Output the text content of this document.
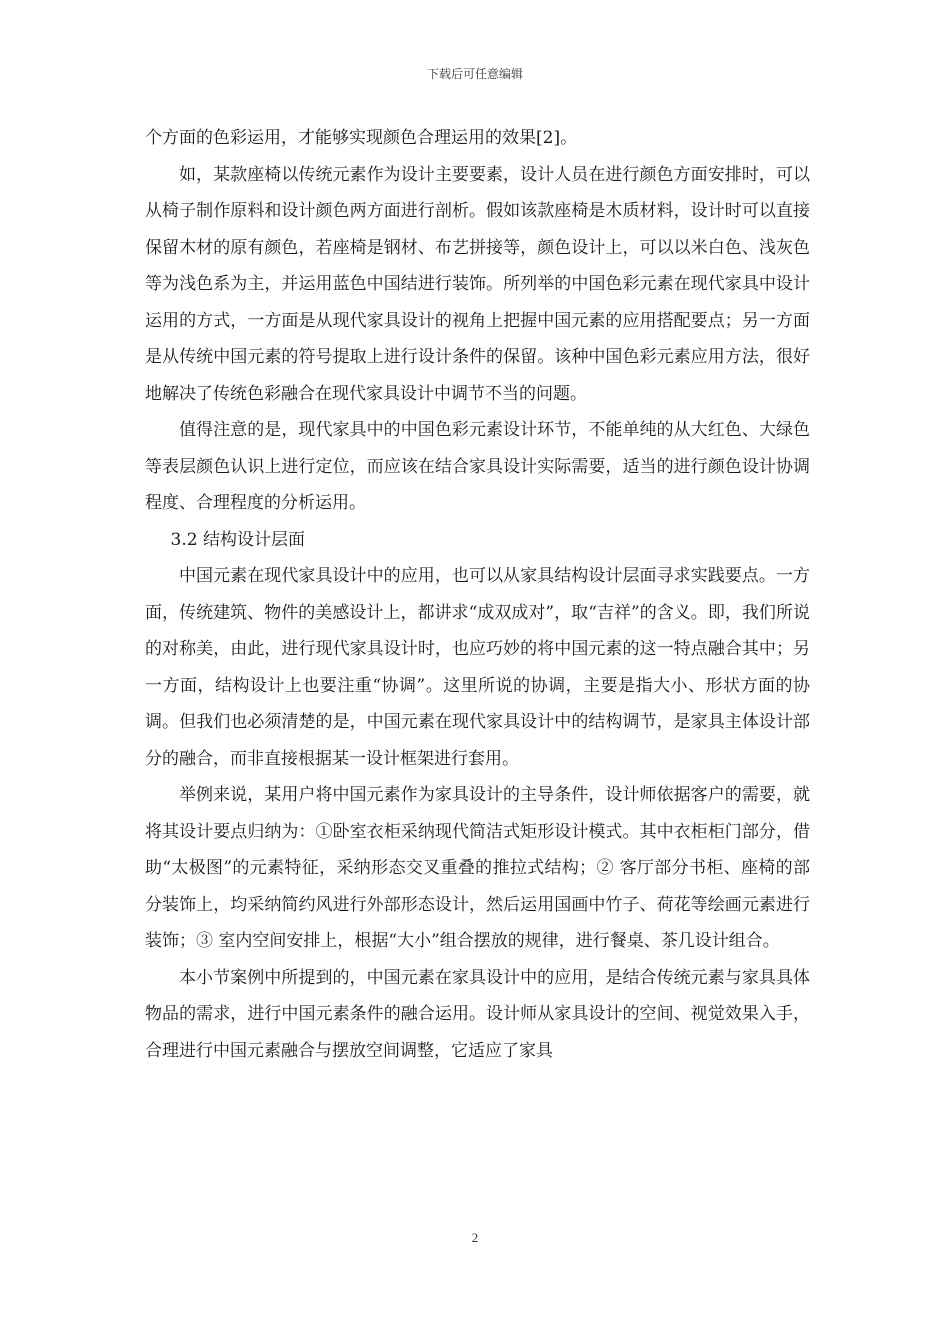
下载后可任意编辑

个方面的色彩运用，才能够实现颜色合理运用的效果[2]。

如，某款座椅以传统元素作为设计主要要素，设计人员在进行颜色方面安排时，可以从椅子制作原料和设计颜色两方面进行剖析。假如该款座椅是木质材料，设计时可以直接保留木材的原有颜色，若座椅是钢材、布艺拼接等，颜色设计上，可以以米白色、浅灰色等为浅色系为主，并运用蓝色中国结进行装饰。所列举的中国色彩元素在现代家具中设计运用的方式，一方面是从现代家具设计的视角上把握中国元素的应用搭配要点；另一方面是从传统中国元素的符号提取上进行设计条件的保留。该种中国色彩元素应用方法，很好地解决了传统色彩融合在现代家具设计中调节不当的问题。

值得注意的是，现代家具中的中国色彩元素设计环节，不能单纯的从大红色、大绿色等表层颜色认识上进行定位，而应该在结合家具设计实际需要，适当的进行颜色设计协调程度、合理程度的分析运用。

3.2 结构设计层面

中国元素在现代家具设计中的应用，也可以从家具结构设计层面寻求实践要点。一方面，传统建筑、物件的美感设计上，都讲求“成双成对”，取“吉祥”的含义。即，我们所说的对称美，由此，进行现代家具设计时，也应巧妙的将中国元素的这一特点融合其中；另一方面，结构设计上也要注重“协调”。这里所说的协调，主要是指大小、形状方面的协调。但我们也必须清楚的是，中国元素在现代家具设计中的结构调节，是家具主体设计部分的融合，而非直接根据某一设计框架进行套用。

举例来说，某用户将中国元素作为家具设计的主导条件，设计师依据客户的需要，就将其设计要点归纳为：①卧室衣柜采纳现代简洁式矩形设计模式。其中衣柜柜门部分，借助“太极图”的元素特征，采纳形态交叉重叠的推拉式结构；② 客厅部分书柜、座椅的部分装饰上，均采纳简约风进行外部形态设计，然后运用国画中竹子、荷花等绘画元素进行装饰；③ 室内空间安排上，根据“大小”组合摆放的规律，进行餐桌、茶几设计组合。

本小节案例中所提到的，中国元素在家具设计中的应用，是结合传统元素与家具具体物品的需求，进行中国元素条件的融合运用。设计师从家具设计的空间、视觉效果入手，合理进行中国元素融合与摆放空间调整，它适应了家具

2
